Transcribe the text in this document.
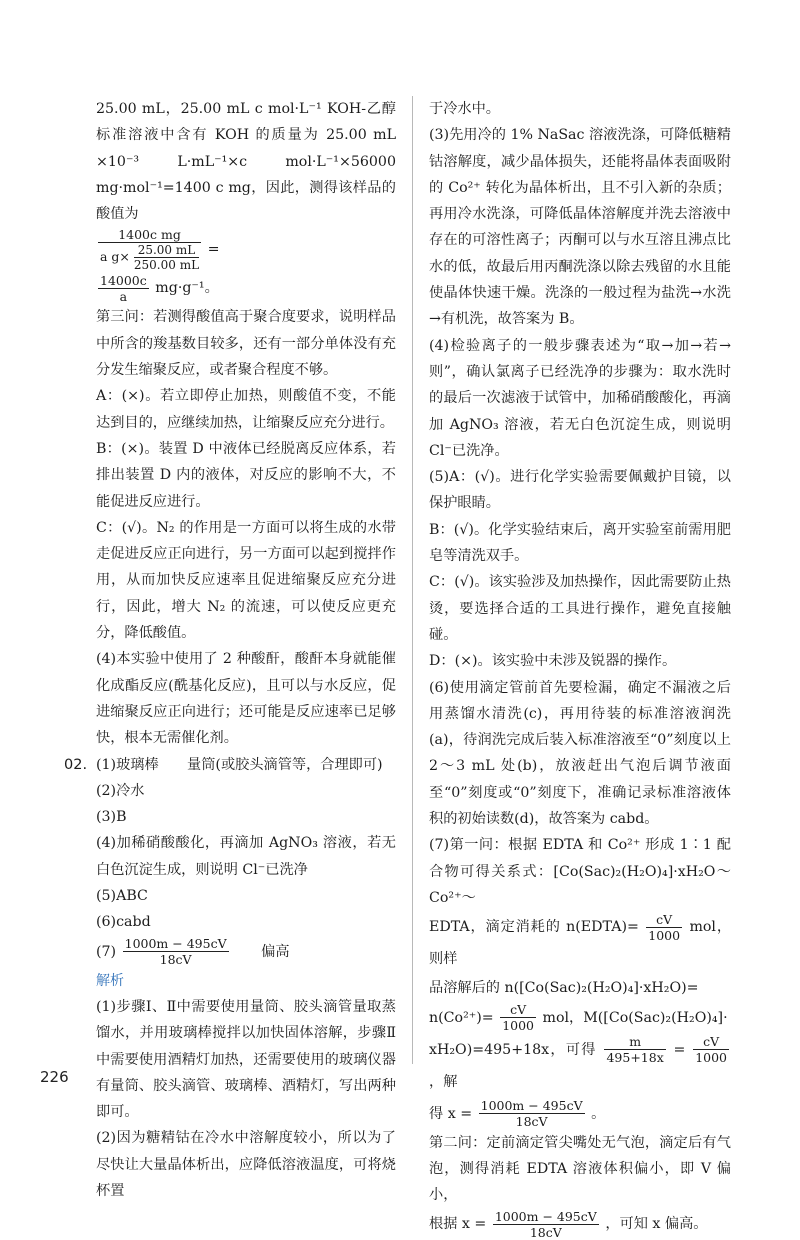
25.00 mL，25.00 mL c mol·L⁻¹ KOH-乙醇标准溶液中含有 KOH 的质量为 25.00 mL ×10⁻³ L·mL⁻¹×c mol·L⁻¹×56000 mg·mol⁻¹=1400 c mg，因此，测得该样品的酸值为

$\frac{\text{1400c mg}}{a g\times \frac{25.00 mL}{250.00 mL}}$ =

$\frac{14000c}{a} mg\cdot g^{-1}$。

第三问：若测得酸值高于聚合度要求，说明样品中所含的羧基数目较多，还有一部分单体没有充分发生缩聚反应，或者聚合程度不够。

A：(×)。若立即停止加热，则酸值不变，不能达到目的，应继续加热，让缩聚反应充分进行。

B：(×)。装置 D 中液体已经脱离反应体系，若排出装置 D 内的液体，对反应的影响不大，不能促进反应进行。

C：(√)。N₂ 的作用是一方面可以将生成的水带走促进反应正向进行，另一方面可以起到搅拌作用，从而加快反应速率且促进缩聚反应充分进行，因此，增大 N₂ 的流速，可以使反应更充分，降低酸值。

(4)本实验中使用了 2 种酸酐，酸酐本身就能催化成酯反应(酰基化反应)，且可以与水反应，促进缩聚反应正向进行；还可能是反应速率已足够快，根本无需催化剂。

02. (1)玻璃棒　　量筒(或胶头滴管等，合理即可)

(2)冷水

(3)B

(4)加稀硝酸酸化，再滴加 AgNO₃ 溶液，若无白色沉淀生成，则说明 Cl⁻已洗净

(5)ABC

(6)cabd

$(7) \frac{1000m - 495cV}{18cV}$ 偏高

解析

(1)步骤Ⅰ、Ⅱ中需要使用量筒、胶头滴管量取蒸馏水，并用玻璃棒搅拌以加快固体溶解，步骤Ⅱ中需要使用酒精灯加热，还需要使用的玻璃仪器有量筒、胶头滴管、玻璃棒、酒精灯，写出两种即可。

(2)因为糖精钴在冷水中溶解度较小，所以为了尽快让大量晶体析出，应降低溶液温度，可将烧杯置

于冷水中。

(3)先用冷的 1% NaSac 溶液洗涤，可降低糖精钴溶解度，减少晶体损失，还能将晶体表面吸附的 Co²⁺ 转化为晶体析出，且不引入新的杂质；再用冷水洗涤，可降低晶体溶解度并洗去溶液中存在的可溶性离子；丙酮可以与水互溶且沸点比水的低，故最后用丙酮洗涤以除去残留的水且能使晶体快速干燥。洗涤的一般过程为盐洗→水洗→有机洗，故答案为 B。

(4)检验离子的一般步骤表述为“取→加→若→则”，确认氯离子已经洗净的步骤为：取水洗时的最后一次滤液于试管中，加稀硝酸酸化，再滴加 AgNO₃ 溶液，若无白色沉淀生成，则说明 Cl⁻已洗净。

(5)A：(√)。进行化学实验需要佩戴护目镜，以保护眼睛。

B：(√)。化学实验结束后，离开实验室前需用肥皂等清洗双手。

C：(√)。该实验涉及加热操作，因此需要防止热烫，要选择合适的工具进行操作，避免直接触碰。

D：(×)。该实验中未涉及锐器的操作。

(6)使用滴定管前首先要检漏，确定不漏液之后用蒸馏水清洗(c)，再用待装的标准溶液润洗(a)，待润洗完成后装入标准溶液至“0”刻度以上 2～3 mL 处(b)，放液赶出气泡后调节液面至“0”刻度或“0”刻度下，准确记录标准溶液体积的初始读数(d)，故答案为 cabd。

(7)第一问：根据 EDTA 和 Co²⁺ 形成 1∶1 配合物可得关系式：[Co(Sac)₂(H₂O)₄]·xH₂O～Co²⁺～

EDTA，滴定消耗的 n(EDTA)= $\frac{cV}{1000}$ mol，则样

品溶解后的 n([Co(Sac)₂(H₂O)₄]·xH₂O)=

$n(Co^{2+})= \frac{cV}{1000}$ mol，M([Co(Sac)₂(H₂O)₄]·

xH₂O)=495+18x，可得 $\frac{m}{495+18x} = \frac{cV}{1000}$
，解

得 $x = \frac{1000m - 495cV}{18cV}$ 。

第二问：定前滴定管尖嘴处无气泡，滴定后有气泡，测得消耗 EDTA 溶液体积偏小，即 V 偏小，

根据 $x = \frac{1000m - 495cV}{18cV}$ ，可知 x 偏高。

226
